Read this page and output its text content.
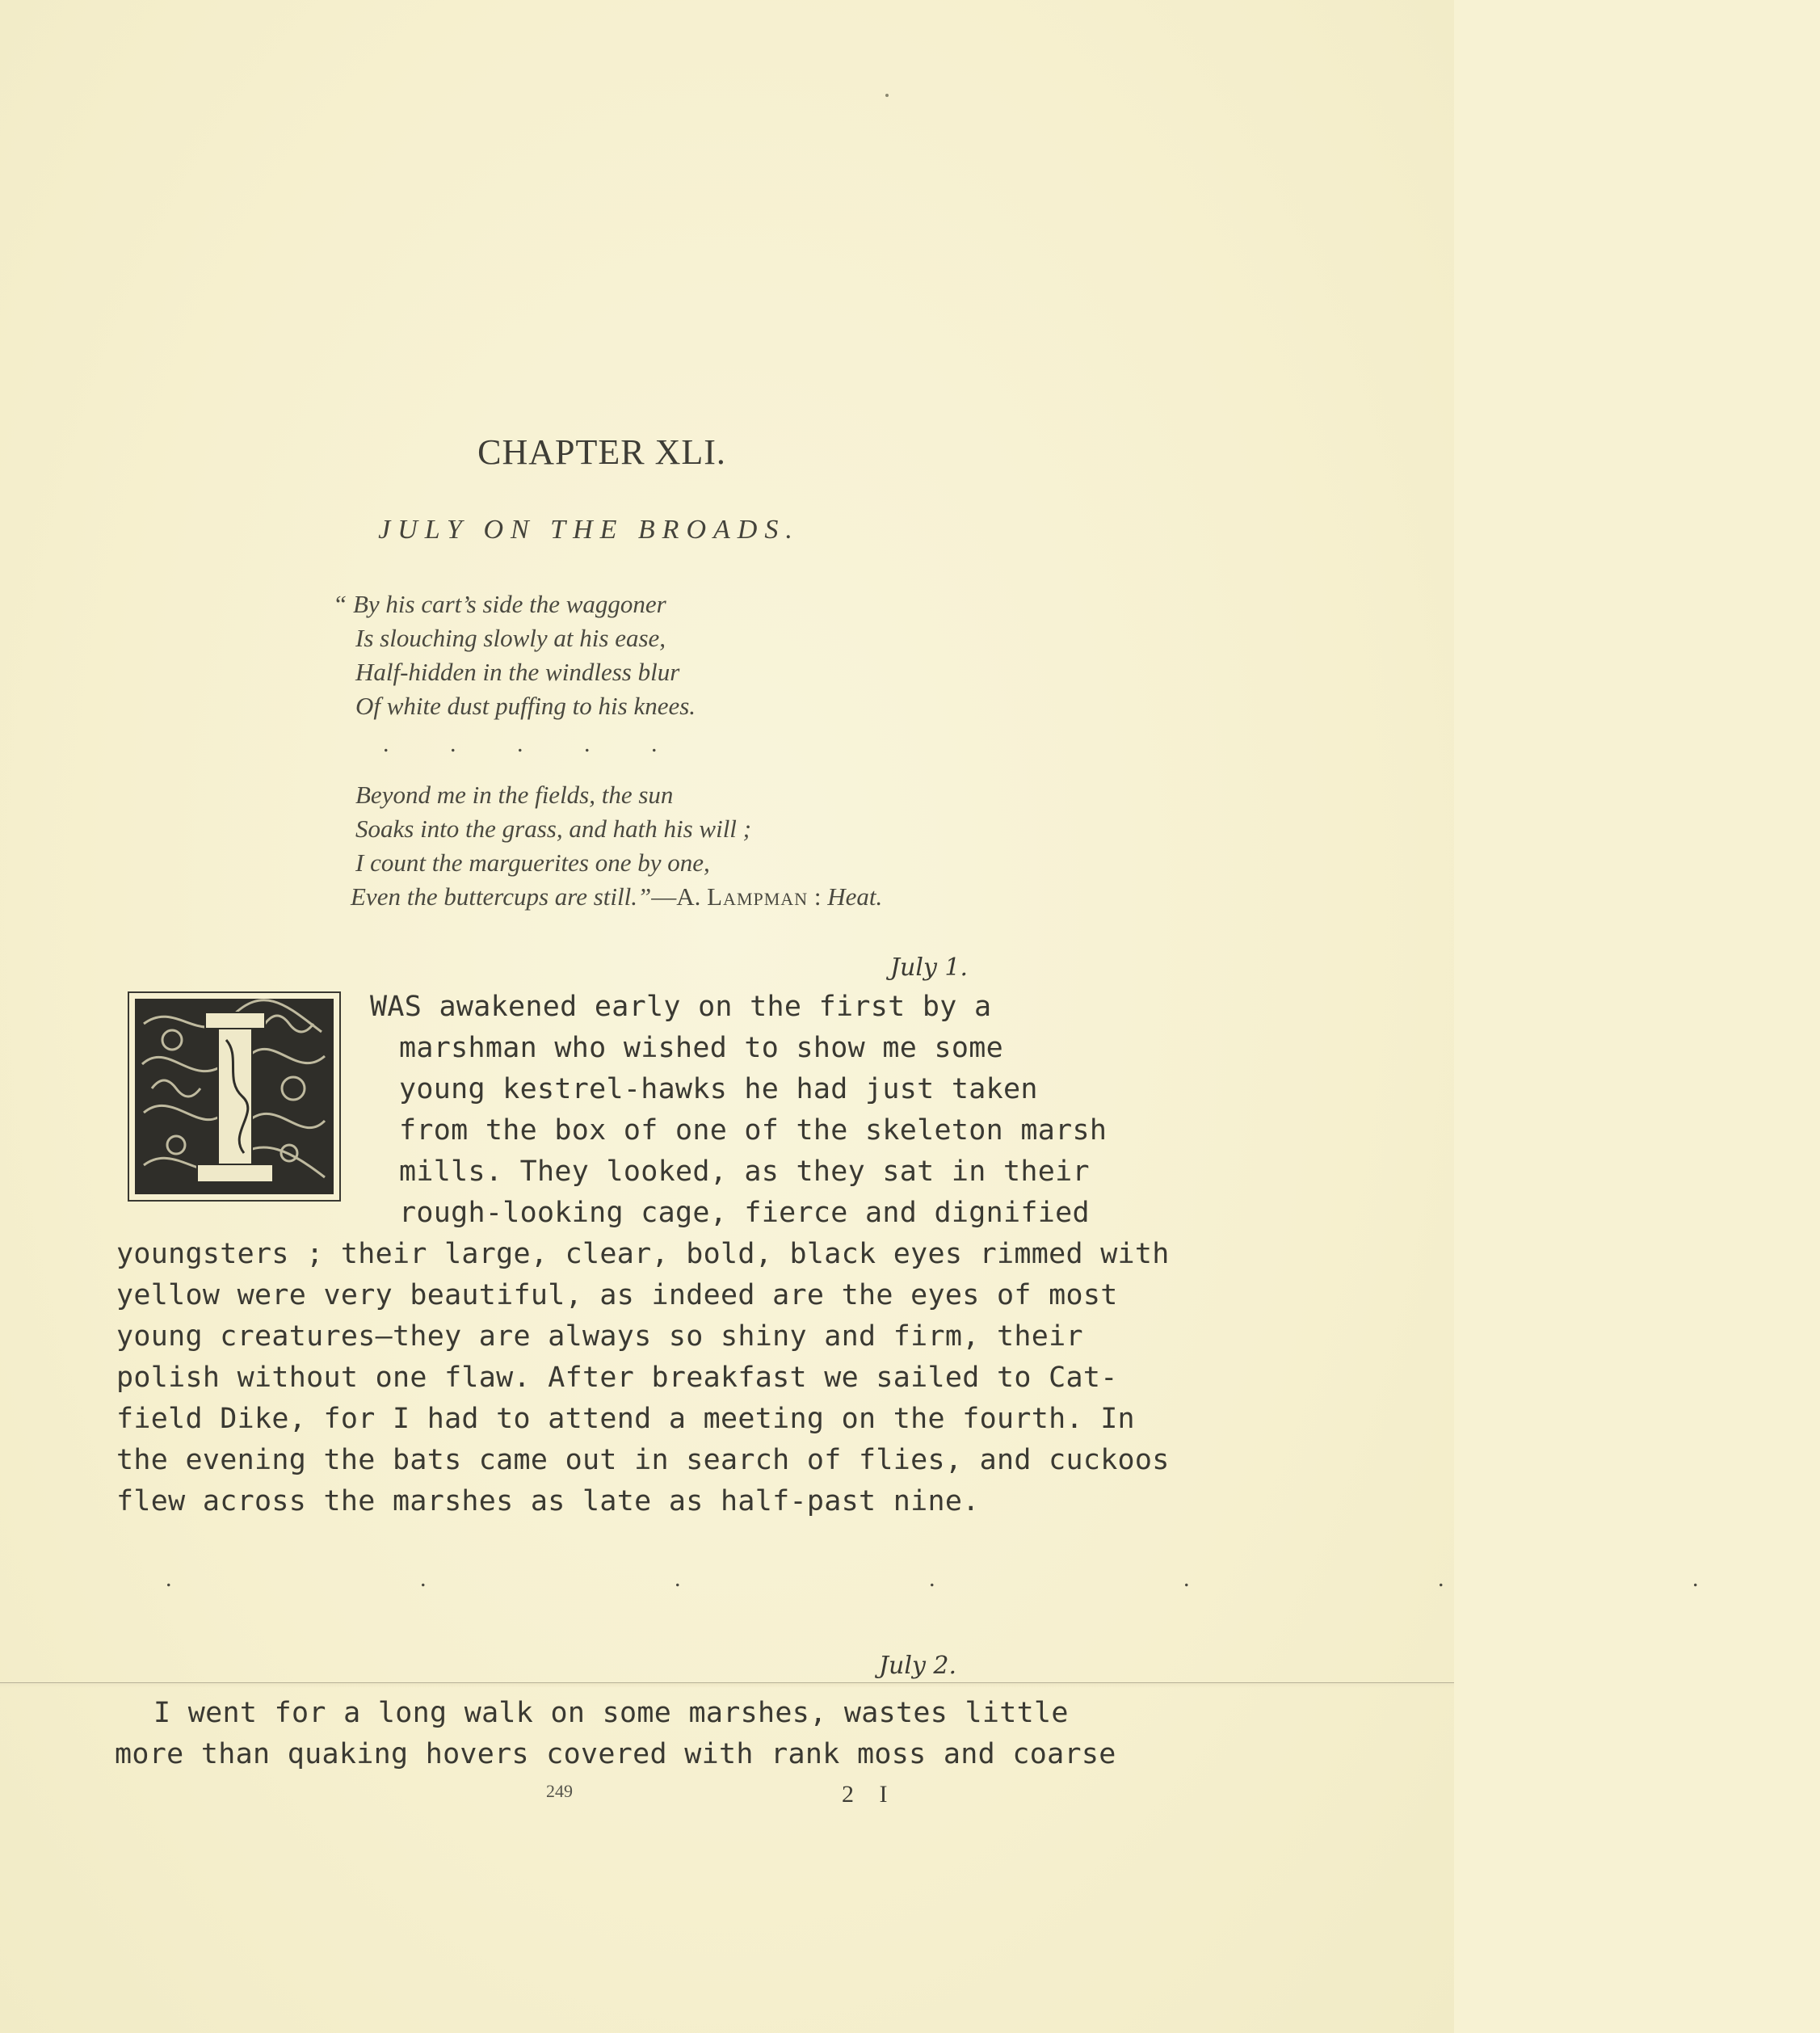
CHAPTER XLI.
JULY ON THE BROADS.
“ By his cart’s side the waggoner
Is slouching slowly at his ease,
Half-hidden in the windless blur
Of white dust puffing to his knees.
. . . . .
Beyond me in the fields, the sun
Soaks into the grass, and hath his will ;
I count the marguerites one by one,
Even the buttercups are still.”—A. Lampman : Heat.
July 1.
I	WAS awakened early on the first by a
marshman who wished to show me some
young kestrel-hawks he had just taken
from the box of one of the skeleton marsh
mills. They looked, as they sat in their
rough-looking cage, fierce and dignified
youngsters ; their large, clear, bold, black eyes rimmed with
yellow were very beautiful, as indeed are the eyes of most
young creatures—they are always so shiny and firm, their
polish without one flaw. After breakfast we sailed to Cat-
field Dike, for I had to attend a meeting on the fourth. In
the evening the bats came out in search of flies, and cuckoos
flew across the marshes as late as half-past nine.
. . . . . . .
July 2.
I went for a long walk on some marshes, wastes little
more than quaking hovers covered with rank moss and coarse
249	2 I
